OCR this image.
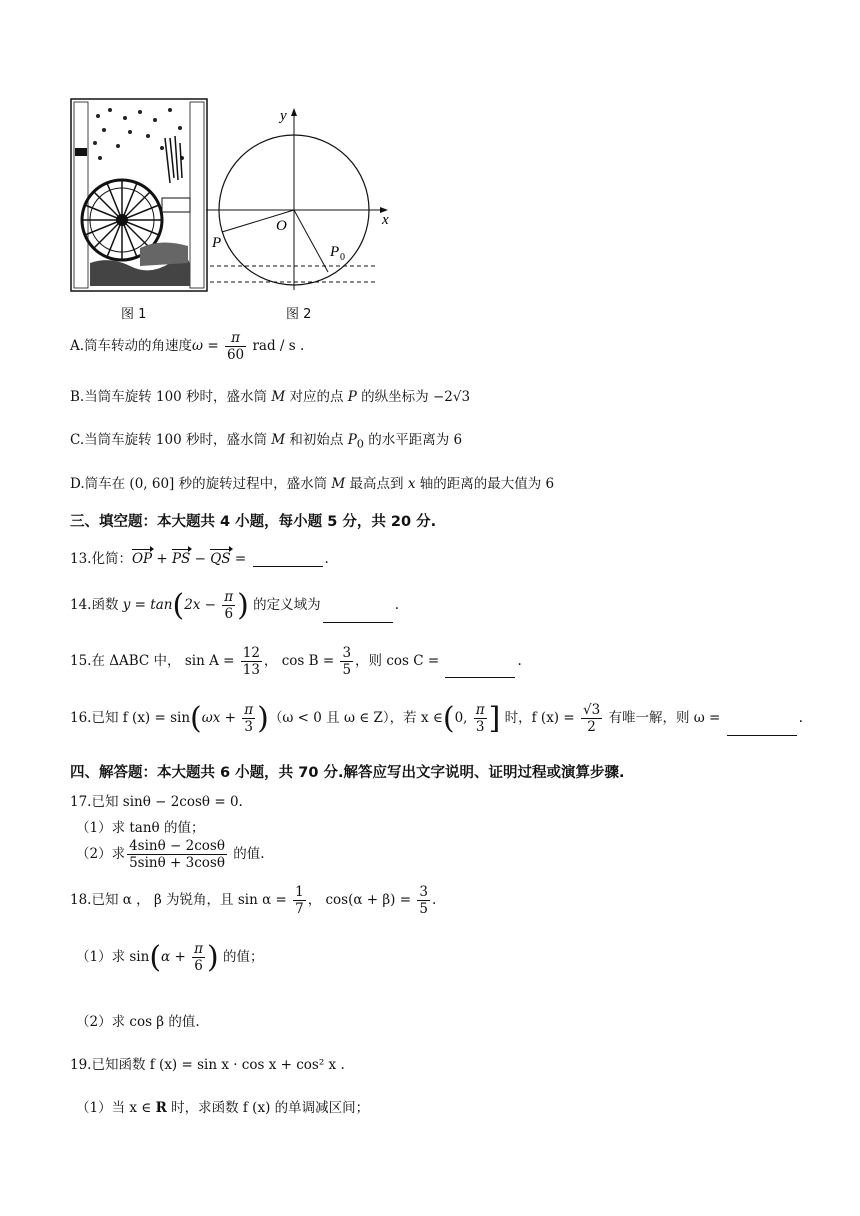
y
x
O
P
P 0
图 1	图 2
A.筒车转动的角速度$\omega = \frac{\pi}{60}$ rad / s .
B.当筒车旋转 100 秒时，盛水筒 M 对应的点 P 的纵坐标为 −2√3
C.当筒车旋转 100 秒时，盛水筒 M 和初始点 $P_0$ 的水平距离为 6
D.筒车在 (0, 60] 秒的旋转过程中，盛水筒 M 最高点到 x 轴的距离的最大值为 6
三、填空题：本大题共 4 小题，每小题 5 分，共 20 分.
13.化简：OP + PS − QS =	.
14.函数 $y = \tan(2x - \frac{\pi}{6}$ ) 的定义域为	.
15.在 ΔABC 中， $\sin A = \frac{12}{13}$ ， $\cos B = \frac{3}{5}$ ，则 cos C =	.
16.已知 f $(x) = \sin(\omega x + \frac{\pi}{3} )(\omega < 0$ 且 ω ∈ Z），若 x ∈(0, $\frac{\pi}{3}$ ] 时，f $(x) = \frac{√3}{2}$ 有唯一解，则 ω =	.
四、解答题：本大题共 6 小题，共 70 分.解答应写出文字说明、证明过程或演算步骤.
17.已知 sinθ − 2cosθ = 0.
（1）求 tanθ 的值；
（2）求 $\frac{4\sin\theta - 2\cos\theta}{5\sin\theta + 3\cos\theta}$ 的值.
18.已知 α ， β 为锐角，且 $\sin \alpha = \frac{1}{7}$ ， $\cos(\alpha + \beta) = \frac{3}{5}$ .
（1）求 $\sin(\alpha + \frac{\pi}{6}$ ) 的值；
（2）求 cos β 的值.
19.已知函数 f (x) = sin x · cos x + cos² x .
（1）当 x ∈ R 时，求函数 f (x) 的单调减区间；
